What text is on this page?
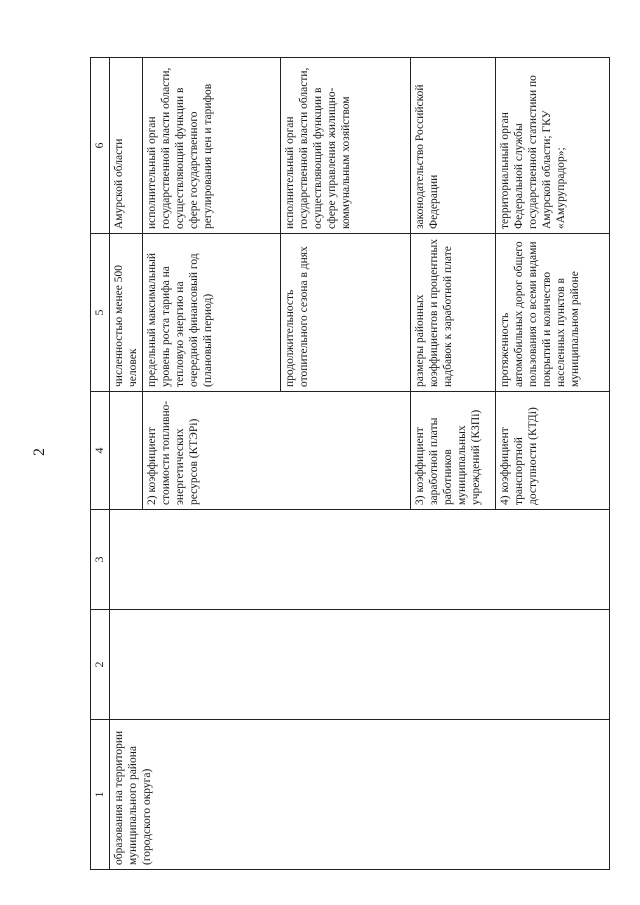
2
1	2	3	4	5	6
образования на территории муниципального района (городского округа)				численностью менее 500 человек	Амурской области
			2) коэффициент стоимости топливно-энергетических ресурсов (КТЭРi)	предельный максимальный уровень роста тарифа на тепловую энергию на очередной финансовый год (плановый период)	исполнительный орган государственной власти области, осуществляющий функции в сфере государственного регулирования цен и тарифов
				продолжительность отопительного сезона в днях	исполнительный орган государственной власти области, осуществляющий функции в сфере управления жилищно-коммунальным хозяйством
			3) коэффициент заработной платы работников муниципальных учреждений (КЗПi)	размеры районных коэффициентов и процентных надбавок к заработной плате	законодательство Российской Федерации
			4) коэффициент транспортной доступности (КТДi)	протяженность автомобильных дорог общего пользования со всеми видами покрытий и количество населенных пунктов в муниципальном районе	территориальный орган Федеральной службы государственной статистики по Амурской области; ГКУ «Амурупрадор»;
